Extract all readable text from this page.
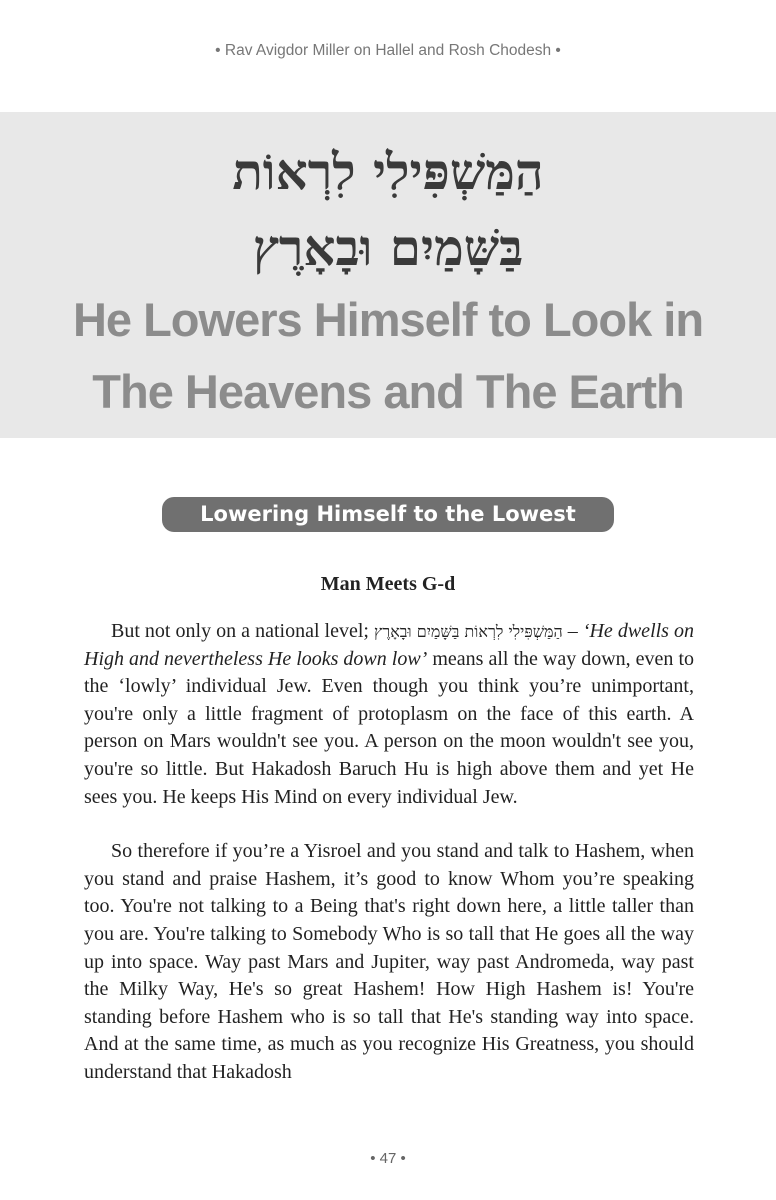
• Rav Avigdor Miller on Hallel and Rosh Chodesh •
הַמַּשְׁפִּילִי לִרְאוֹת
בַּשָּׁמַיִם וּבָאָרֶץ
He Lowers Himself to Look in
The Heavens and The Earth
Lowering Himself to the Lowest
Man Meets G-d

But not only on a national level; הַמַּשְׁפִּילִי לִרְאוֹת בַּשָּׁמַיִם וּבָאָרֶץ – ‘He dwells on High and nevertheless He looks down low’ means all the way down, even to the ‘lowly’ individual Jew. Even though you think you’re unimportant, you're only a little fragment of protoplasm on the face of this earth. A person on Mars wouldn't see you. A person on the moon wouldn't see you, you're so little. But Hakadosh Baruch Hu is high above them and yet He sees you. He keeps His Mind on every individual Jew.

So therefore if you’re a Yisroel and you stand and talk to Hashem, when you stand and praise Hashem, it’s good to know Whom you’re speaking too. You're not talking to a Being that's right down here, a little taller than you are. You're talking to Somebody Who is so tall that He goes all the way up into space. Way past Mars and Jupiter, way past Andromeda, way past the Milky Way, He's so great Hashem! How High Hashem is! You're standing before Hashem who is so tall that He's standing way into space. And at the same time, as much as you recognize His Greatness, you should understand that Hakadosh

• 47 •
